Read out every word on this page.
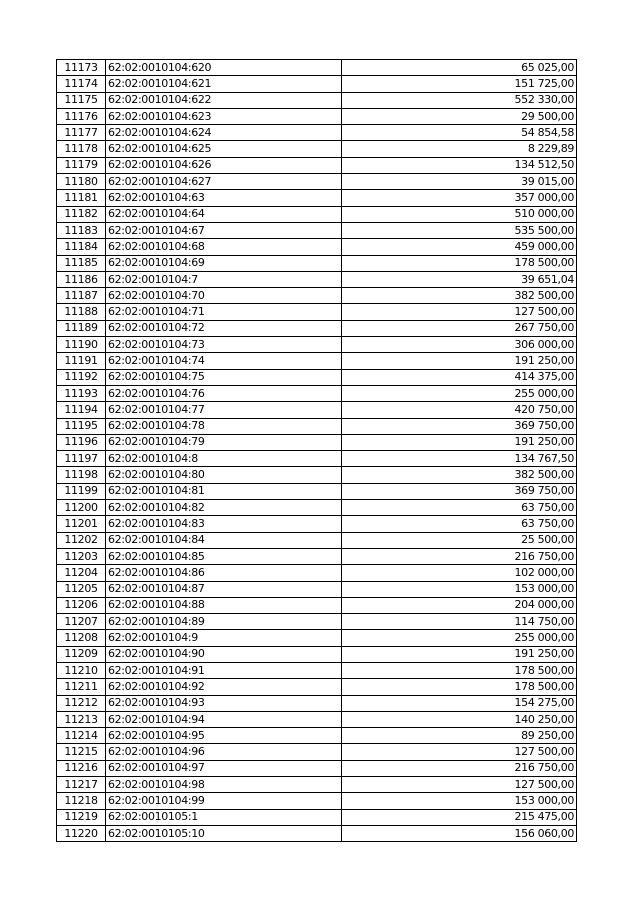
11173	62:02:0010104:620	65 025,00
11174	62:02:0010104:621	151 725,00
11175	62:02:0010104:622	552 330,00
11176	62:02:0010104:623	29 500,00
11177	62:02:0010104:624	54 854,58
11178	62:02:0010104:625	8 229,89
11179	62:02:0010104:626	134 512,50
11180	62:02:0010104:627	39 015,00
11181	62:02:0010104:63	357 000,00
11182	62:02:0010104:64	510 000,00
11183	62:02:0010104:67	535 500,00
11184	62:02:0010104:68	459 000,00
11185	62:02:0010104:69	178 500,00
11186	62:02:0010104:7	39 651,04
11187	62:02:0010104:70	382 500,00
11188	62:02:0010104:71	127 500,00
11189	62:02:0010104:72	267 750,00
11190	62:02:0010104:73	306 000,00
11191	62:02:0010104:74	191 250,00
11192	62:02:0010104:75	414 375,00
11193	62:02:0010104:76	255 000,00
11194	62:02:0010104:77	420 750,00
11195	62:02:0010104:78	369 750,00
11196	62:02:0010104:79	191 250,00
11197	62:02:0010104:8	134 767,50
11198	62:02:0010104:80	382 500,00
11199	62:02:0010104:81	369 750,00
11200	62:02:0010104:82	63 750,00
11201	62:02:0010104:83	63 750,00
11202	62:02:0010104:84	25 500,00
11203	62:02:0010104:85	216 750,00
11204	62:02:0010104:86	102 000,00
11205	62:02:0010104:87	153 000,00
11206	62:02:0010104:88	204 000,00
11207	62:02:0010104:89	114 750,00
11208	62:02:0010104:9	255 000,00
11209	62:02:0010104:90	191 250,00
11210	62:02:0010104:91	178 500,00
11211	62:02:0010104:92	178 500,00
11212	62:02:0010104:93	154 275,00
11213	62:02:0010104:94	140 250,00
11214	62:02:0010104:95	89 250,00
11215	62:02:0010104:96	127 500,00
11216	62:02:0010104:97	216 750,00
11217	62:02:0010104:98	127 500,00
11218	62:02:0010104:99	153 000,00
11219	62:02:0010105:1	215 475,00
11220	62:02:0010105:10	156 060,00
